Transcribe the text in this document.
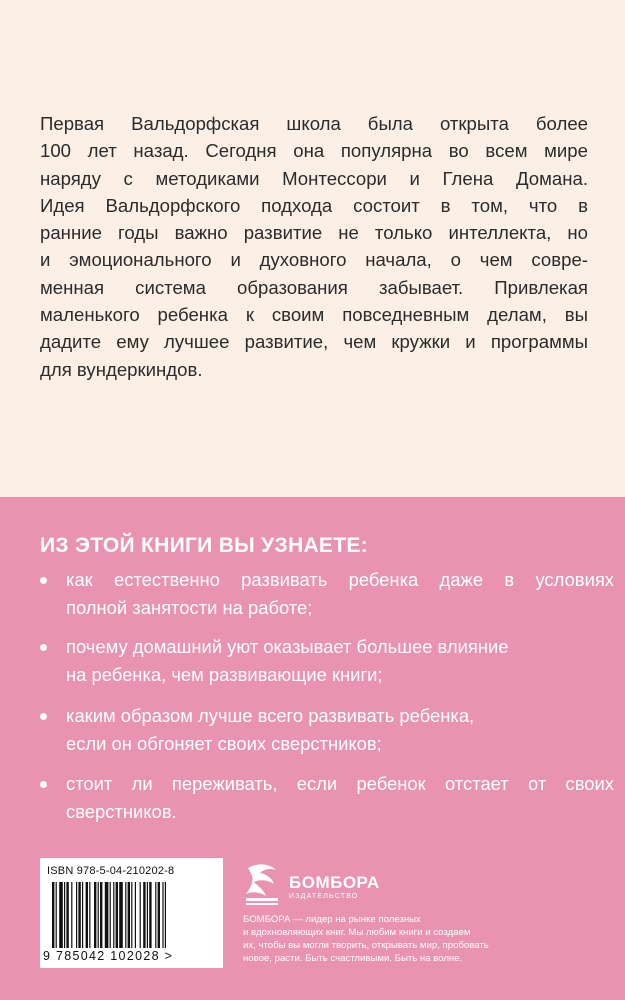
Первая Вальдорфская школа была открыта более
100 лет назад. Сегодня она популярна во всем мире
наряду с методиками Монтессори и Глена Домана.
Идея Вальдорфского подхода состоит в том, что в
ранние годы важно развитие не только интеллекта, но
и эмоционального и духовного начала, о чем совре-
менная система образования забывает. Привлекая
маленького ребенка к своим повседневным делам, вы
дадите ему лучшее развитие, чем кружки и программы
для вундеркиндов.

ИЗ ЭТОЙ КНИГИ ВЫ УЗНАЕТЕ:
как естественно развивать ребенка даже в условиях
полной занятости на работе;
почему домашний уют оказывает большее влияние
на ребенка, чем развивающие книги;
каким образом лучше всего развивать ребенка,
если он обгоняет своих сверстников;
стоит ли переживать, если ребенок отстает от своих
сверстников.
ISBN 978-5-04-210202-8
9 785042 102028 >
БОМБОРА
ИЗДАТЕЛЬСТВО
БОМБОРА — лидер на рынке полезных
и вдохновляющих книг. Мы любим книги и создаем
их, чтобы вы могли творить, открывать мир, пробовать
новое, расти. Быть счастливыми. Быть на волне.
